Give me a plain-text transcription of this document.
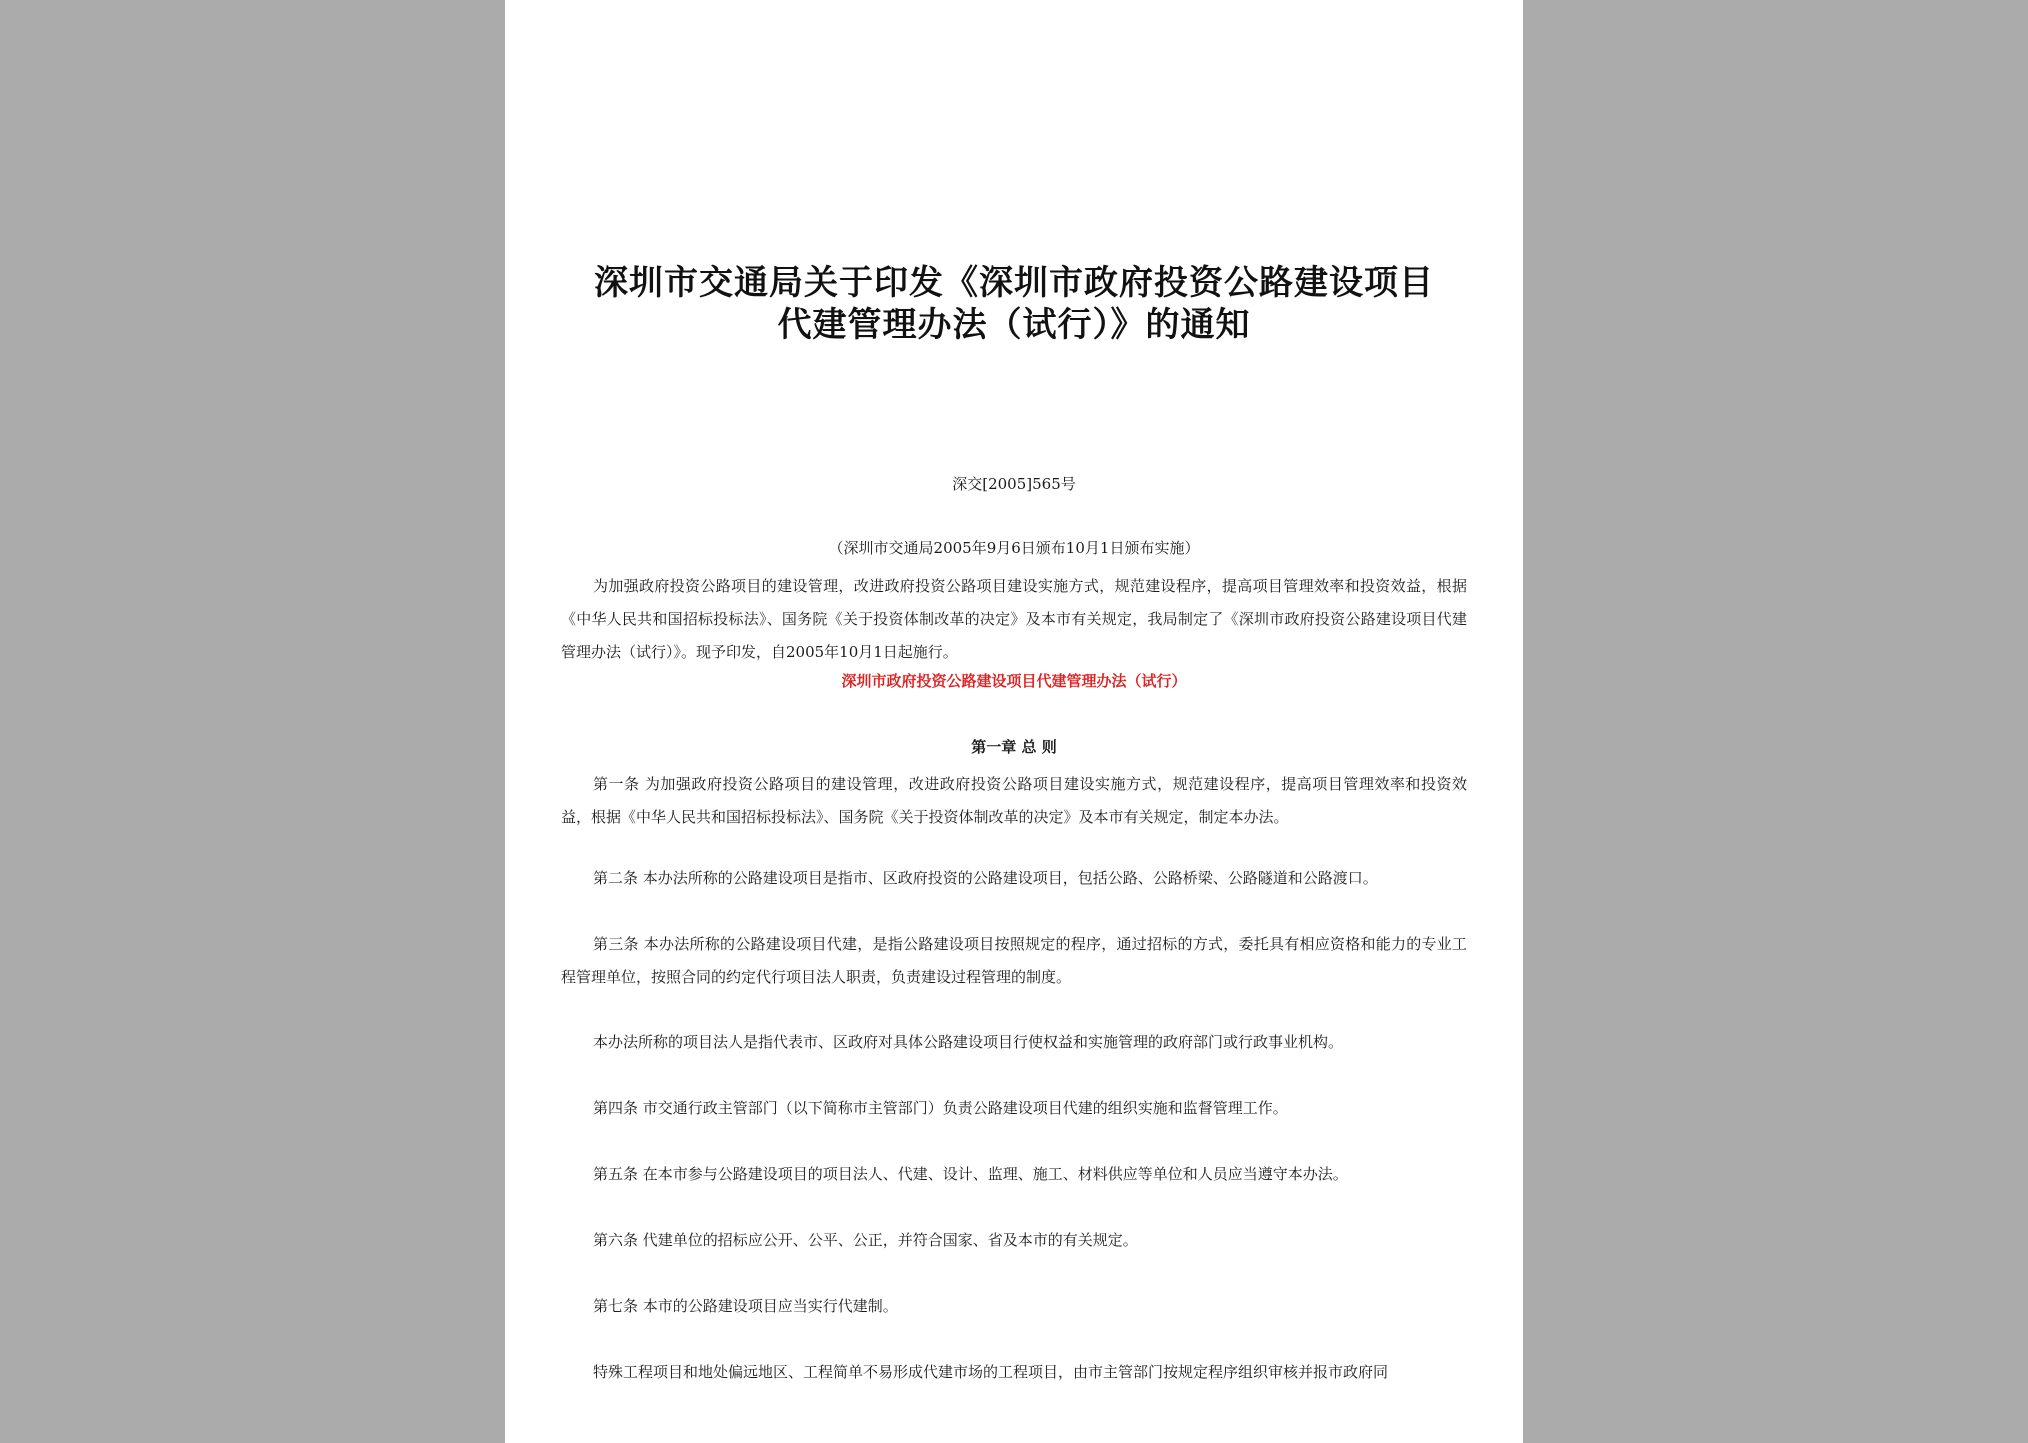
深圳市交通局关于印发《深圳市政府投资公路建设项目
代建管理办法（试行）》的通知
深交[2005]565号
（深圳市交通局2005年9月6日颁布10月1日颁布实施）

为加强政府投资公路项目的建设管理，改进政府投资公路项目建设实施方式，规范建设程序，提高项目管理效率和投资效益，根据《中华人民共和国招标投标法》、国务院《关于投资体制改革的决定》及本市有关规定，我局制定了《深圳市政府投资公路建设项目代建管理办法（试行）》。现予印发，自2005年10月1日起施行。

深圳市政府投资公路建设项目代建管理办法（试行）
第一章 总 则

第一条 为加强政府投资公路项目的建设管理，改进政府投资公路项目建设实施方式，规范建设程序，提高项目管理效率和投资效益，根据《中华人民共和国招标投标法》、国务院《关于投资体制改革的决定》及本市有关规定，制定本办法。

第二条 本办法所称的公路建设项目是指市、区政府投资的公路建设项目，包括公路、公路桥梁、公路隧道和公路渡口。

第三条 本办法所称的公路建设项目代建，是指公路建设项目按照规定的程序，通过招标的方式，委托具有相应资格和能力的专业工程管理单位，按照合同的约定代行项目法人职责，负责建设过程管理的制度。

本办法所称的项目法人是指代表市、区政府对具体公路建设项目行使权益和实施管理的政府部门或行政事业机构。

第四条 市交通行政主管部门（以下简称市主管部门）负责公路建设项目代建的组织实施和监督管理工作。

第五条 在本市参与公路建设项目的项目法人、代建、设计、监理、施工、材料供应等单位和人员应当遵守本办法。

第六条 代建单位的招标应公开、公平、公正，并符合国家、省及本市的有关规定。

第七条 本市的公路建设项目应当实行代建制。

特殊工程项目和地处偏远地区、工程简单不易形成代建市场的工程项目，由市主管部门按规定程序组织审核并报市政府同
